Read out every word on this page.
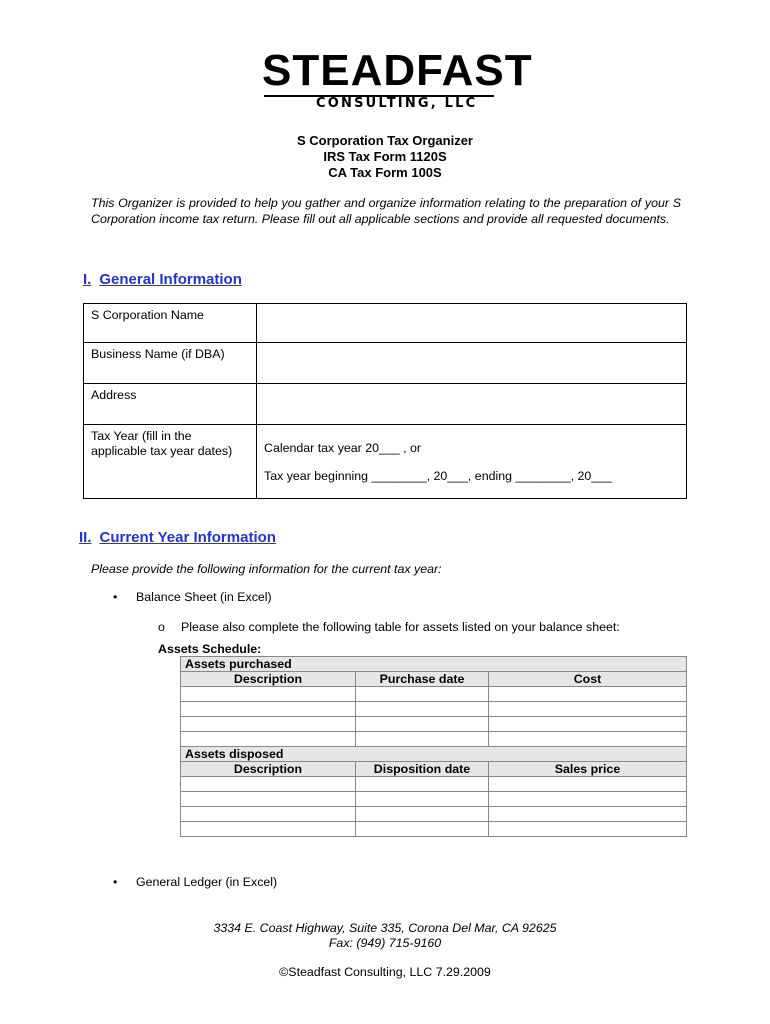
STEADFAST
CONSULTING, LLC
S Corporation Tax Organizer
IRS Tax Form 1120S
CA Tax Form 100S
This Organizer is provided to help you gather and organize information relating to the preparation of your S Corporation income tax return. Please fill out all applicable sections and provide all requested documents.
I. General Information
S Corporation Name	
Business Name (if DBA)	
Address	
Tax Year (fill in the applicable tax year dates)	Calendar tax year 20___ , or
Tax year beginning ________, 20___, ending ________, 20___
II. Current Year Information
Please provide the following information for the current tax year:
• Balance Sheet (in Excel)
o Please also complete the following table for assets listed on your balance sheet:
Assets Schedule:
Assets purchased		
Description	Purchase date	Cost

Assets disposed		
Description	Disposition date	Sales price

• General Ledger (in Excel)
3334 E. Coast Highway, Suite 335, Corona Del Mar, CA 92625
Fax: (949) 715-9160
©Steadfast Consulting, LLC 7.29.2009
